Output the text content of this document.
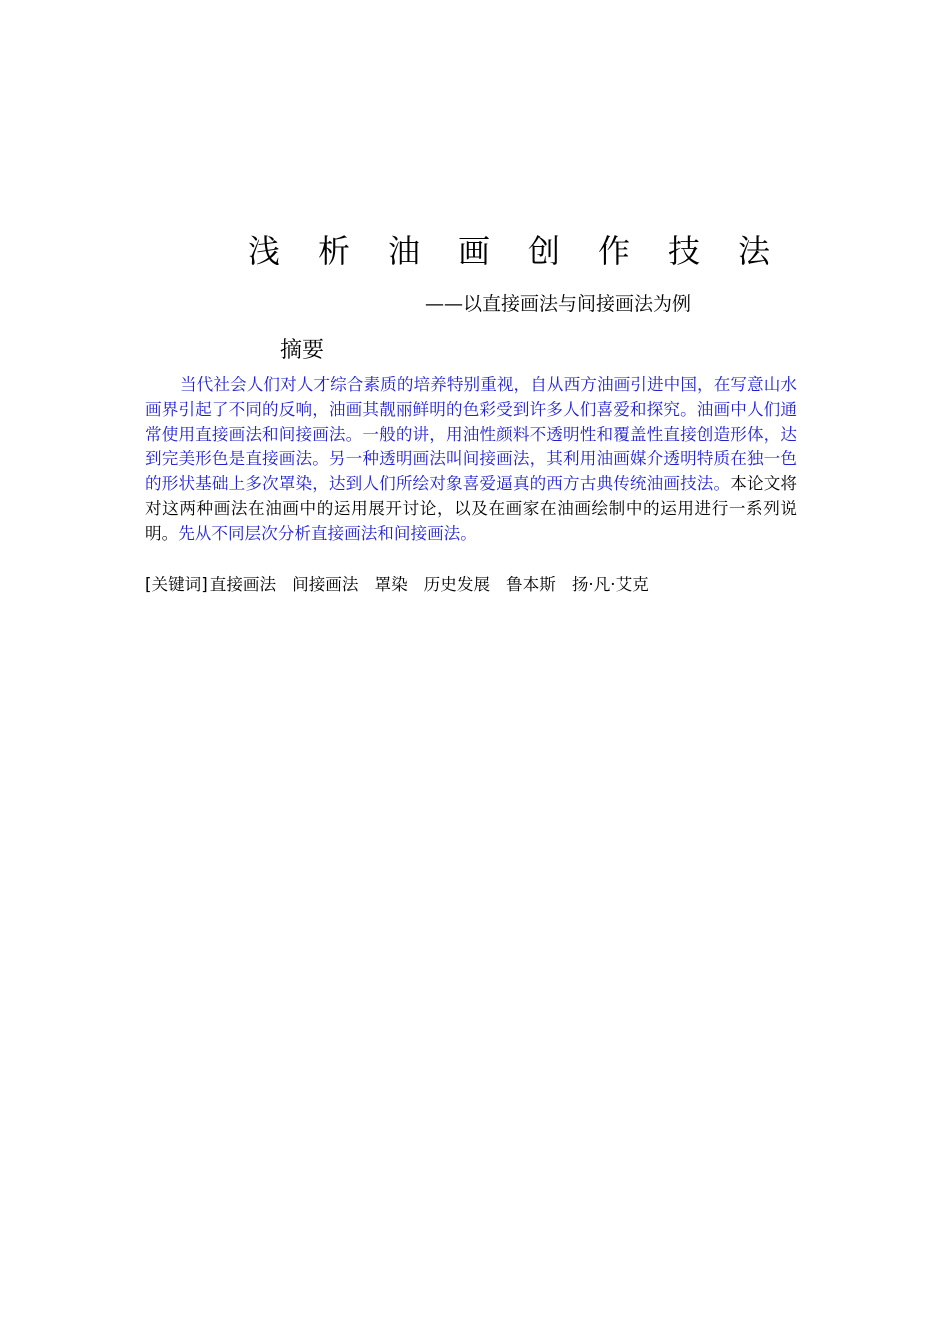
浅析油画创作技法

——以直接画法与间接画法为例

摘要

当代社会人们对人才综合素质的培养特别重视，自从西方油画引进中国，在写意山水画界引起了不同的反响，油画其靓丽鲜明的色彩受到许多人们喜爱和探究。油画中人们通常使用直接画法和间接画法。一般的讲，用油性颜料不透明性和覆盖性直接创造形体，达到完美形色是直接画法。另一种透明画法叫间接画法，其利用油画媒介透明特质在独一色的形状基础上多次罩染，达到人们所绘对象喜爱逼真的西方古典传统油画技法。本论文将对这两种画法在油画中的运用展开讨论，以及在画家在油画绘制中的运用进行一系列说明。先从不同层次分析直接画法和间接画法。

[关键词] 直接画法 间接画法 罩染 历史发展 鲁本斯 扬·凡·艾克
